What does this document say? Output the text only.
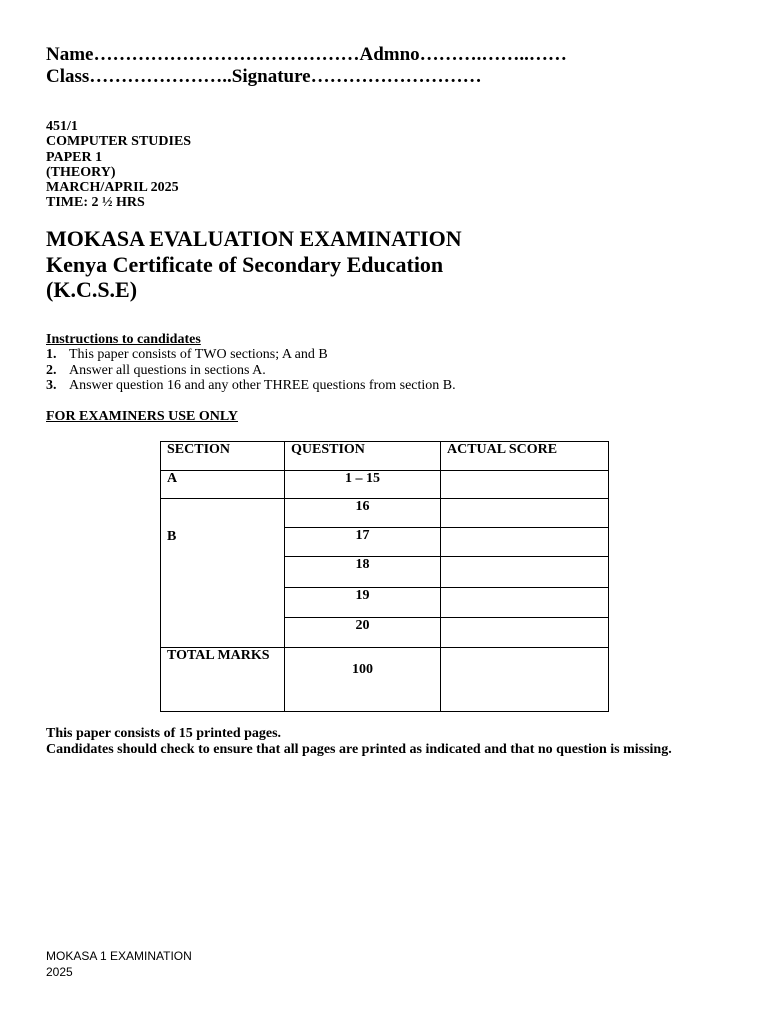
Name……………………………………Admno……….……..……
Class…………………..Signature………………………
451/1
COMPUTER STUDIES
PAPER 1
(THEORY)
MARCH/APRIL 2025
TIME: 2 ½ HRS
MOKASA EVALUATION EXAMINATION
Kenya Certificate of Secondary Education
(K.C.S.E)
Instructions to candidates
1. This paper consists of TWO sections; A and B
2. Answer all questions in sections A.
3. Answer question 16 and any other THREE questions from section B.
FOR EXAMINERS USE ONLY
SECTION	QUESTION	ACTUAL SCORE
A	1 – 15	
B	16	
	17	
	18	
	19	
	20	
TOTAL MARKS	100	
This paper consists of 15 printed pages.
Candidates should check to ensure that all pages are printed as indicated and that no question is missing.
MOKASA 1 EXAMINATION
2025
